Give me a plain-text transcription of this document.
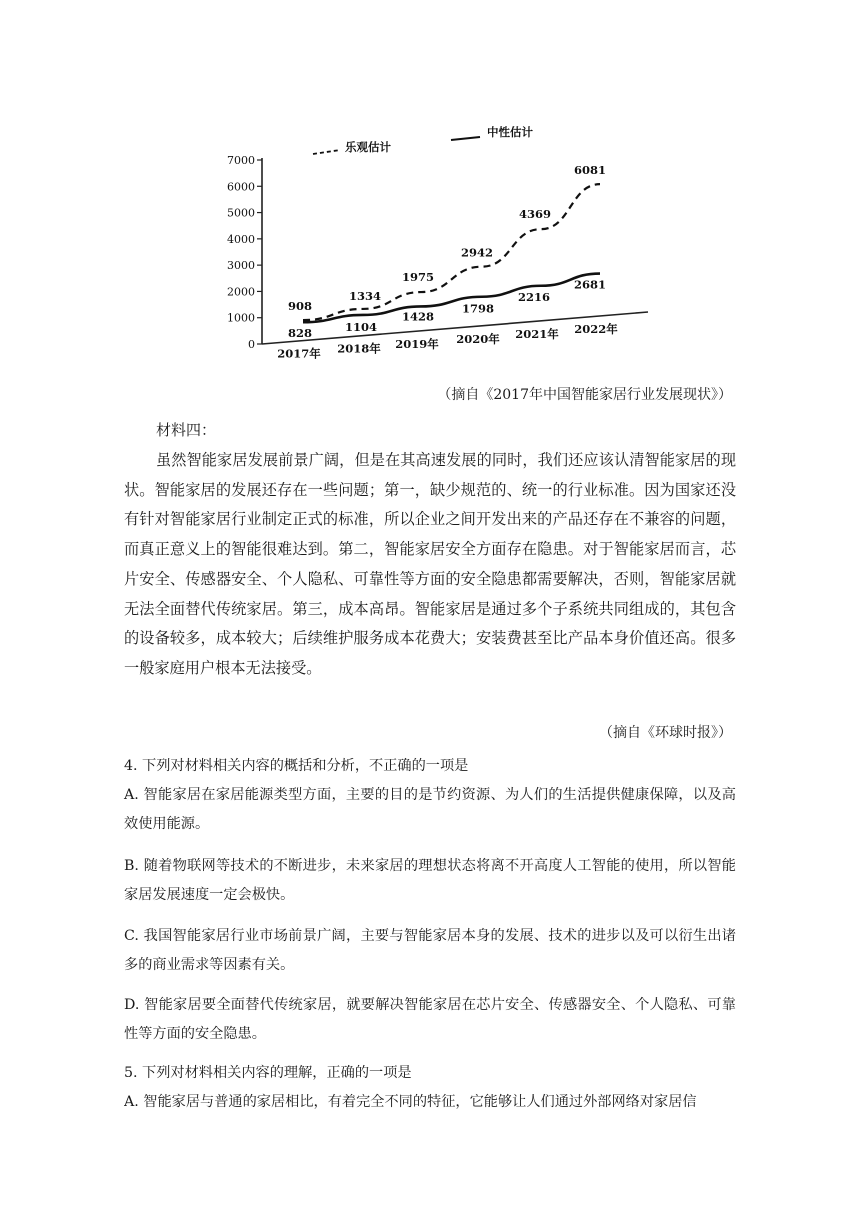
0
1000
2000
3000
4000
5000
6000
7000
2017年 2018年 2019年 2020年 2021年 2022年
908
1334
1975
2942
4369
6081
828	1104
1428
1798
2216
2681
乐观估计
中性估计
（摘自《2017年中国智能家居行业发展现状》）
材料四：

虽然智能家居发展前景广阔，但是在其高速发展的同时，我们还应该认清智能家居的现状。智能家居的发展还存在一些问题；第一，缺少规范的、统一的行业标准。因为国家还没有针对智能家居行业制定正式的标准，所以企业之间开发出来的产品还存在不兼容的问题，而真正意义上的智能很难达到。第二，智能家居安全方面存在隐患。对于智能家居而言，芯片安全、传感器安全、个人隐私、可靠性等方面的安全隐患都需要解决，否则，智能家居就无法全面替代传统家居。第三，成本高昂。智能家居是通过多个子系统共同组成的，其包含的设备较多，成本较大；后续维护服务成本花费大；安装费甚至比产品本身价值还高。很多一般家庭用户根本无法接受。

（摘自《环球时报》）

4. 下列对材料相关内容的概括和分析，不正确的一项是

A. 智能家居在家居能源类型方面，主要的目的是节约资源、为人们的生活提供健康保障，以及高效使用能源。

B. 随着物联网等技术的不断进步，未来家居的理想状态将离不开高度人工智能的使用，所以智能家居发展速度一定会极快。

C. 我国智能家居行业市场前景广阔，主要与智能家居本身的发展、技术的进步以及可以衍生出诸多的商业需求等因素有关。

D. 智能家居要全面替代传统家居，就要解决智能家居在芯片安全、传感器安全、个人隐私、可靠性等方面的安全隐患。

5. 下列对材料相关内容的理解，正确的一项是

A. 智能家居与普通的家居相比，有着完全不同的特征，它能够让人们通过外部网络对家居信
